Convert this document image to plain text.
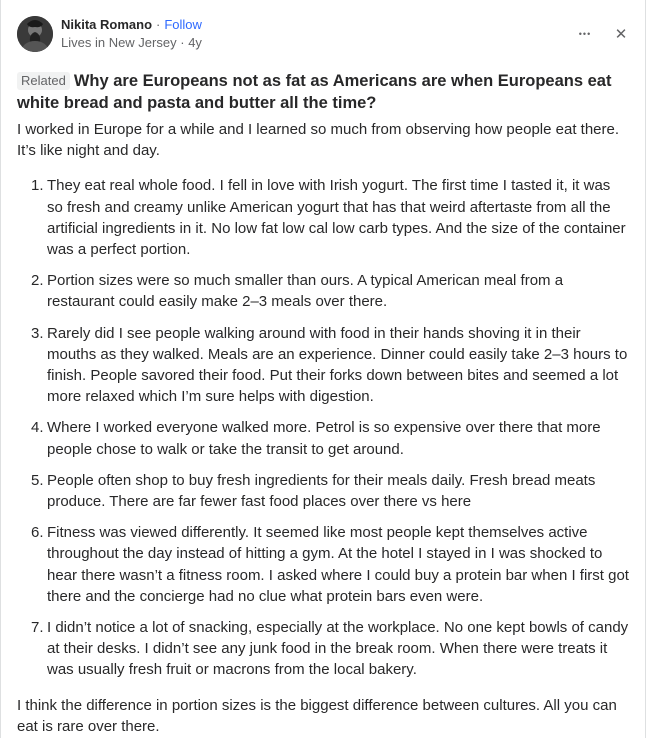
Nikita Romano · Follow
Lives in New Jersey · 4y
••• ✕
Related Why are Europeans not as fat as Americans are when Europeans eat white bread and pasta and butter all the time?

I worked in Europe for a while and I learned so much from observing how people eat there. It’s like night and day.

1. They eat real whole food. I fell in love with Irish yogurt. The first time I tasted it, it was so fresh and creamy unlike American yogurt that has that weird aftertaste from all the artificial ingredients in it. No low fat low cal low carb types. And the size of the container was a perfect portion.
2. Portion sizes were so much smaller than ours. A typical American meal from a restaurant could easily make 2–3 meals over there.
3. Rarely did I see people walking around with food in their hands shoving it in their mouths as they walked. Meals are an experience. Dinner could easily take 2–3 hours to finish. People savored their food. Put their forks down between bites and seemed a lot more relaxed which I’m sure helps with digestion.
4. Where I worked everyone walked more. Petrol is so expensive over there that more people chose to walk or take the transit to get around.
5. People often shop to buy fresh ingredients for their meals daily. Fresh bread meats produce. There are far fewer fast food places over there vs here
6. Fitness was viewed differently. It seemed like most people kept themselves active throughout the day instead of hitting a gym. At the hotel I stayed in I was shocked to hear there wasn’t a fitness room. I asked where I could buy a protein bar when I first got there and the concierge had no clue what protein bars even were.
7. I didn’t notice a lot of snacking, especially at the workplace. No one kept bowls of candy at their desks. I didn’t see any junk food in the break room. When there were treats it was usually fresh fruit or macrons from the local bakery.

I think the difference in portion sizes is the biggest difference between cultures. All you can eat is rare over there.
